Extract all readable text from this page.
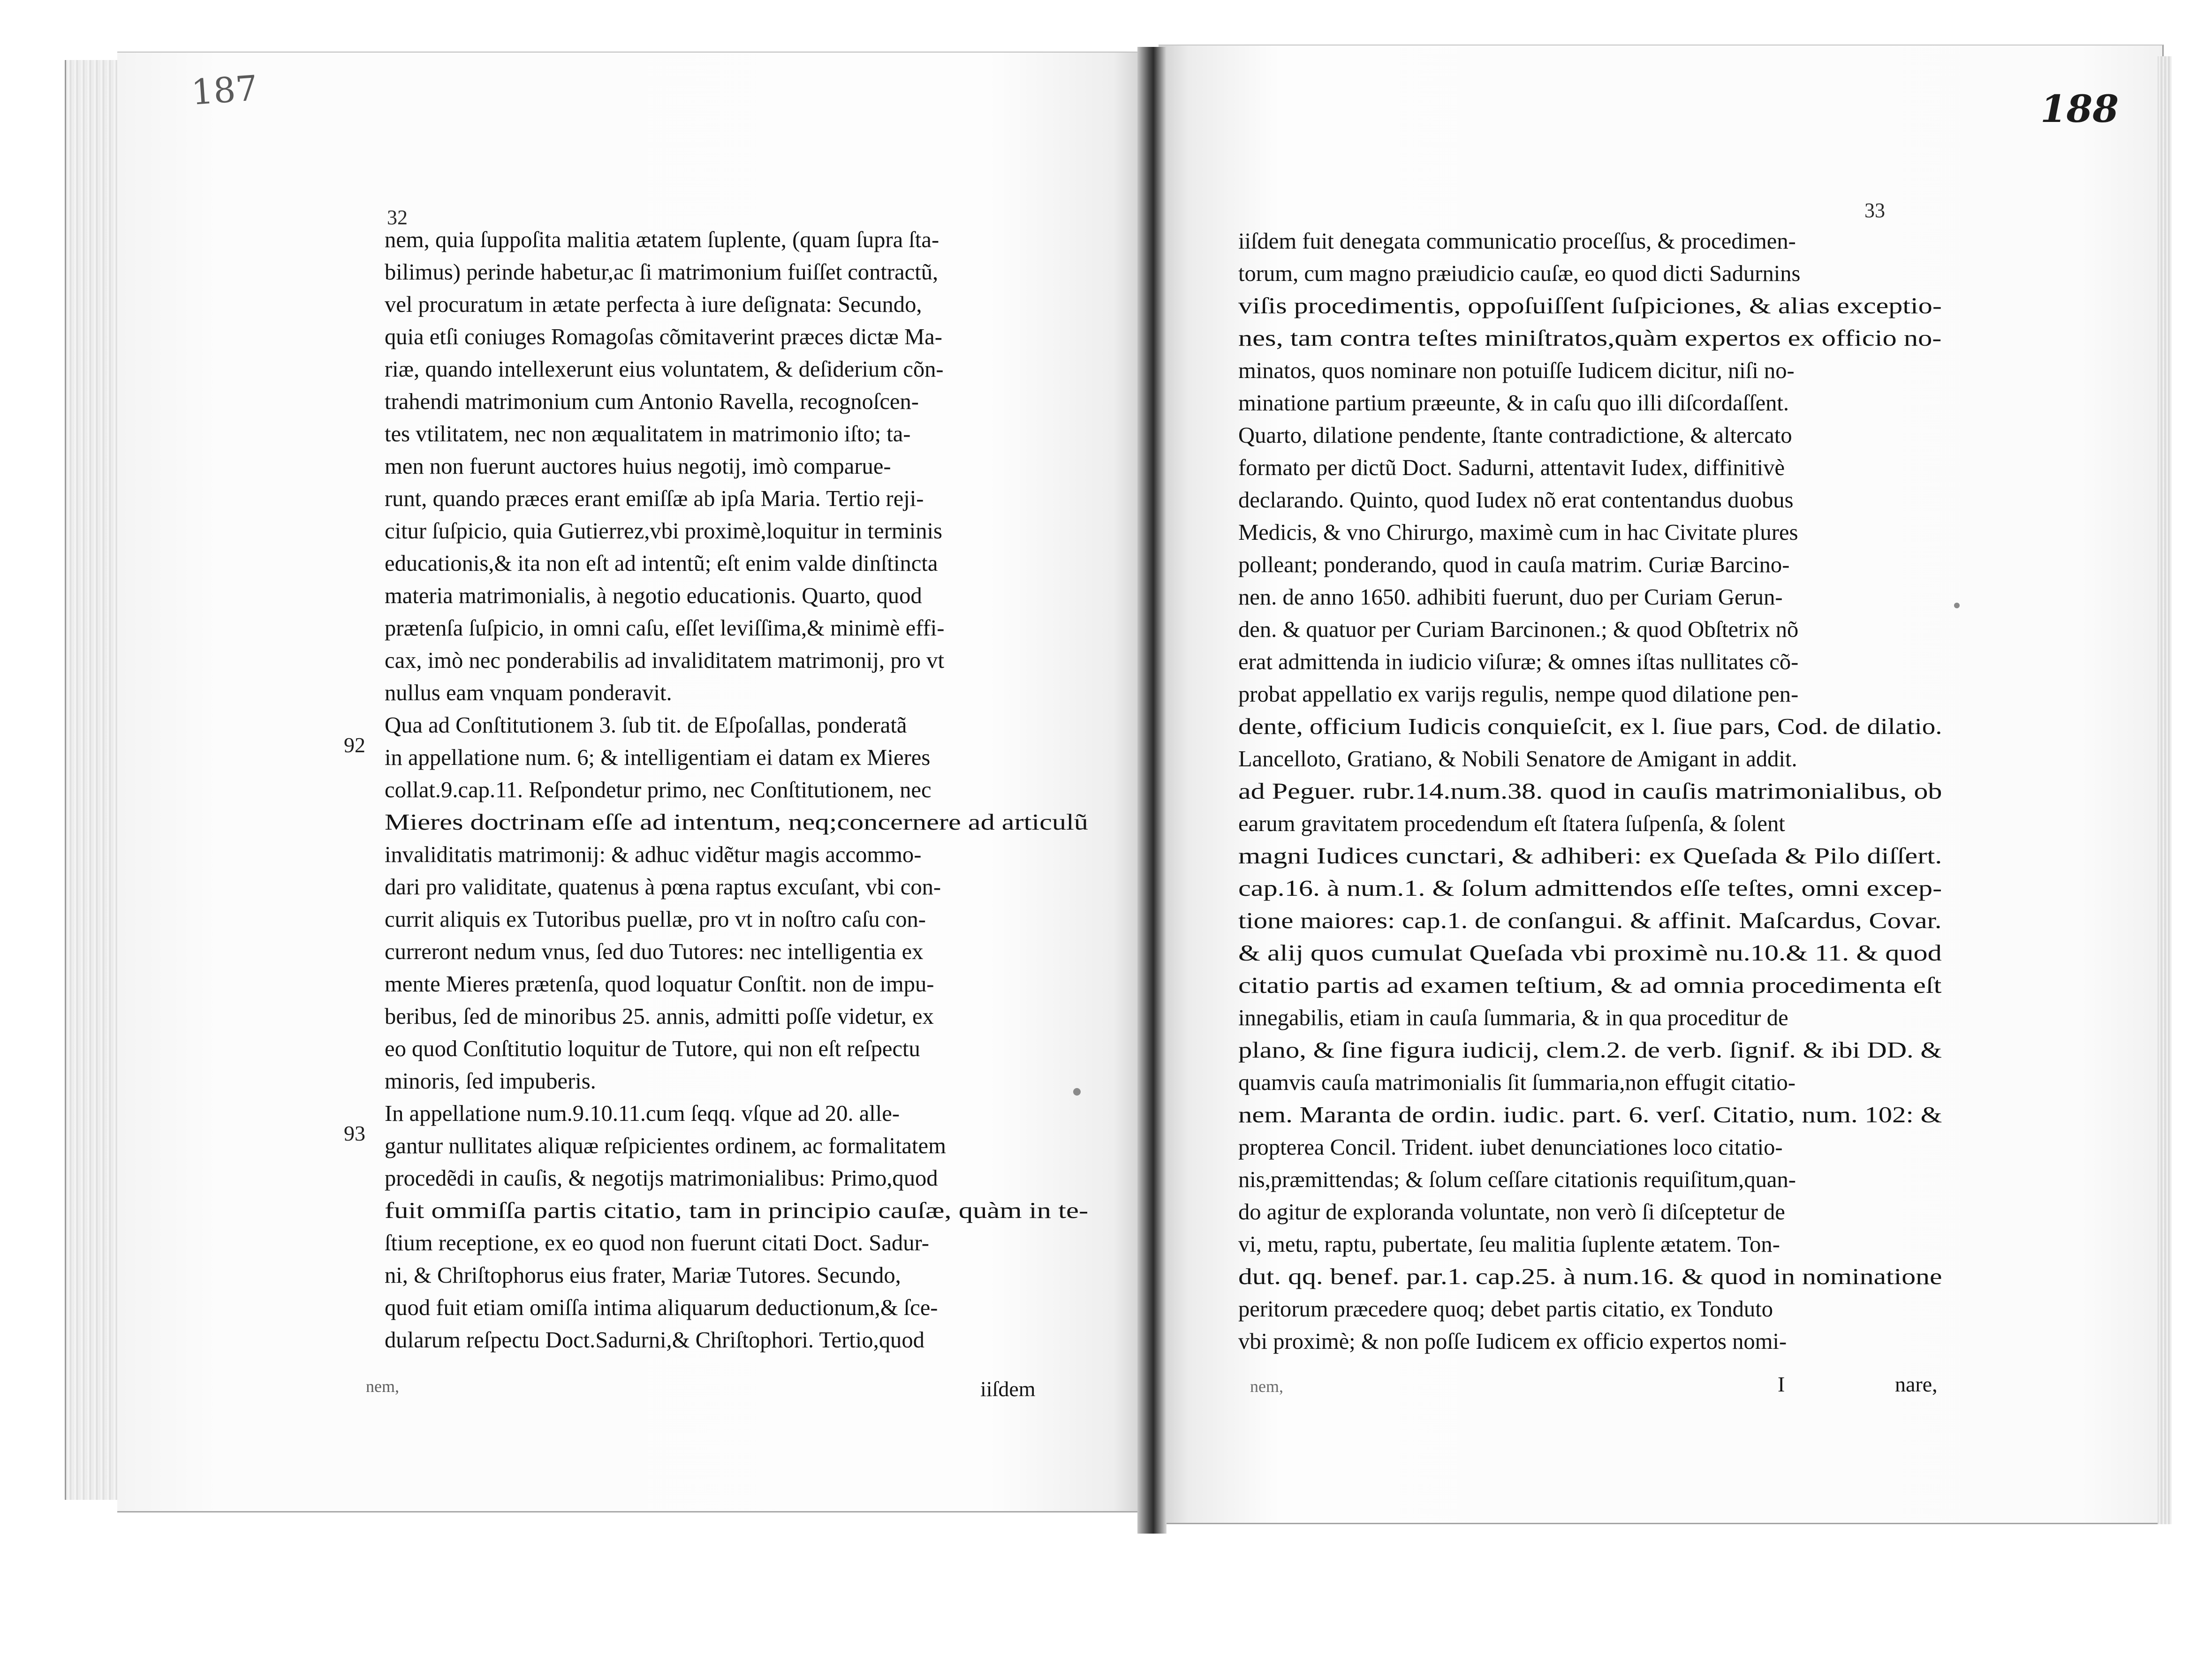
187	188
32	33
92
93
nem, quia ſuppoſita malitia ætatem ſuplente, (quam ſupra ſta-
bilimus) perinde habetur,ac ſi matrimonium fuiſſet contractũ,
vel procuratum in ætate perfecta à iure deſignata: Secundo,
quia etſi coniuges Romagoſas cõmitaverint præces dictæ Ma-
riæ, quando intellexerunt eius voluntatem, & deſiderium cõn-
trahendi matrimonium cum Antonio Ravella, recognoſcen-
tes vtilitatem, nec non æqualitatem in matrimonio iſto; ta-
men non fuerunt auctores huius negotij, imò comparue-
runt, quando præces erant emiſſæ ab ipſa Maria. Tertio reji-
citur ſuſpicio, quia Gutierrez,vbi proximè,loquitur in terminis
educationis,& ita non eſt ad intentũ; eſt enim valde dinſtincta
materia matrimonialis, à negotio educationis. Quarto, quod
prætenſa ſuſpicio, in omni caſu, eſſet leviſſima,& minimè effi-
cax, imò nec ponderabilis ad invaliditatem matrimonij, pro vt
nullus eam vnquam ponderavit.
Qua ad Conſtitutionem 3. ſub tit. de Eſpoſallas, ponderatã
in appellatione num. 6; & intelligentiam ei datam ex Mieres
collat.9.cap.11. Reſpondetur primo, nec Conſtitutionem, nec
Mieres doctrinam eſſe ad intentum, neq;concernere ad articulũ
invaliditatis matrimonij: & adhuc vidẽtur magis accommo-
dari pro validitate, quatenus à pœna raptus excuſant, vbi con-
currit aliquis ex Tutoribus puellæ, pro vt in noſtro caſu con-
curreront nedum vnus, ſed duo Tutores: nec intelligentia ex
mente Mieres prætenſa, quod loquatur Conſtit. non de impu-
beribus, ſed de minoribus 25. annis, admitti poſſe videtur, ex
eo quod Conſtitutio loquitur de Tutore, qui non eſt reſpectu
minoris, ſed impuberis.
In appellatione num.9.10.11.cum ſeqq. vſque ad 20. alle-
gantur nullitates aliquæ reſpicientes ordinem, ac formalitatem
procedẽdi in cauſis, & negotijs matrimonialibus: Primo,quod
fuit ommiſſa partis citatio, tam in principio cauſæ, quàm in te-
ſtium receptione, ex eo quod non fuerunt citati Doct. Sadur-
ni, & Chriſtophorus eius frater, Mariæ Tutores. Secundo,
quod fuit etiam omiſſa intima aliquarum deductionum,& ſce-
dularum reſpectu Doct.Sadurni,& Chriſtophori. Tertio,quod
iiſdem fuit denegata communicatio proceſſus, & procedimen-
torum, cum magno præiudicio cauſæ, eo quod dicti Sadurnins
viſis procedimentis, oppoſuiſſent ſuſpiciones, & alias exceptio-
nes, tam contra teſtes miniſtratos,quàm expertos ex officio no-
minatos, quos nominare non potuiſſe Iudicem dicitur, niſi no-
minatione partium præeunte, & in caſu quo illi diſcordaſſent.
Quarto, dilatione pendente, ſtante contradictione, & altercato
formato per dictũ Doct. Sadurni, attentavit Iudex, diffinitivè
declarando. Quinto, quod Iudex nõ erat contentandus duobus
Medicis, & vno Chirurgo, maximè cum in hac Civitate plures
polleant; ponderando, quod in cauſa matrim. Curiæ Barcino-
nen. de anno 1650. adhibiti fuerunt, duo per Curiam Gerun-
den. & quatuor per Curiam Barcinonen.; & quod Obſtetrix nõ
erat admittenda in iudicio viſuræ; & omnes iſtas nullitates cõ-
probat appellatio ex varijs regulis, nempe quod dilatione pen-
dente, officium Iudicis conquieſcit, ex l. ſiue pars, Cod. de dilatio.
Lancelloto, Gratiano, & Nobili Senatore de Amigant in addit.
ad Peguer. rubr.14.num.38. quod in cauſis matrimonialibus, ob
earum gravitatem procedendum eſt ſtatera ſuſpenſa, & ſolent
magni Iudices cunctari, & adhiberi: ex Queſada & Pilo diſſert.
cap.16. à num.1. & ſolum admittendos eſſe teſtes, omni excep-
tione maiores: cap.1. de conſangui. & affinit. Maſcardus, Covar.
& alij quos cumulat Queſada vbi proximè nu.10.& 11. & quod
citatio partis ad examen teſtium, & ad omnia procedimenta eſt
innegabilis, etiam in cauſa ſummaria, & in qua proceditur de
plano, & ſine figura iudicij, clem.2. de verb. ſignif. & ibi DD. &
quamvis cauſa matrimonialis ſit ſummaria,non effugit citatio-
nem. Maranta de ordin. iudic. part. 6. verſ. Citatio, num. 102: &
propterea Concil. Trident. iubet denunciationes loco citatio-
nis,præmittendas; & ſolum ceſſare citationis requiſitum,quan-
do agitur de exploranda voluntate, non verò ſi diſceptetur de
vi, metu, raptu, pubertate, ſeu malitia ſuplente ætatem. Ton-
dut. qq. benef. par.1. cap.25. à num.16. & quod in nominatione
peritorum præcedere quoq; debet partis citatio, ex Tonduto
vbi proximè; & non poſſe Iudicem ex officio expertos nomi-
nem,	iiſdem	nem,	I	nare,
